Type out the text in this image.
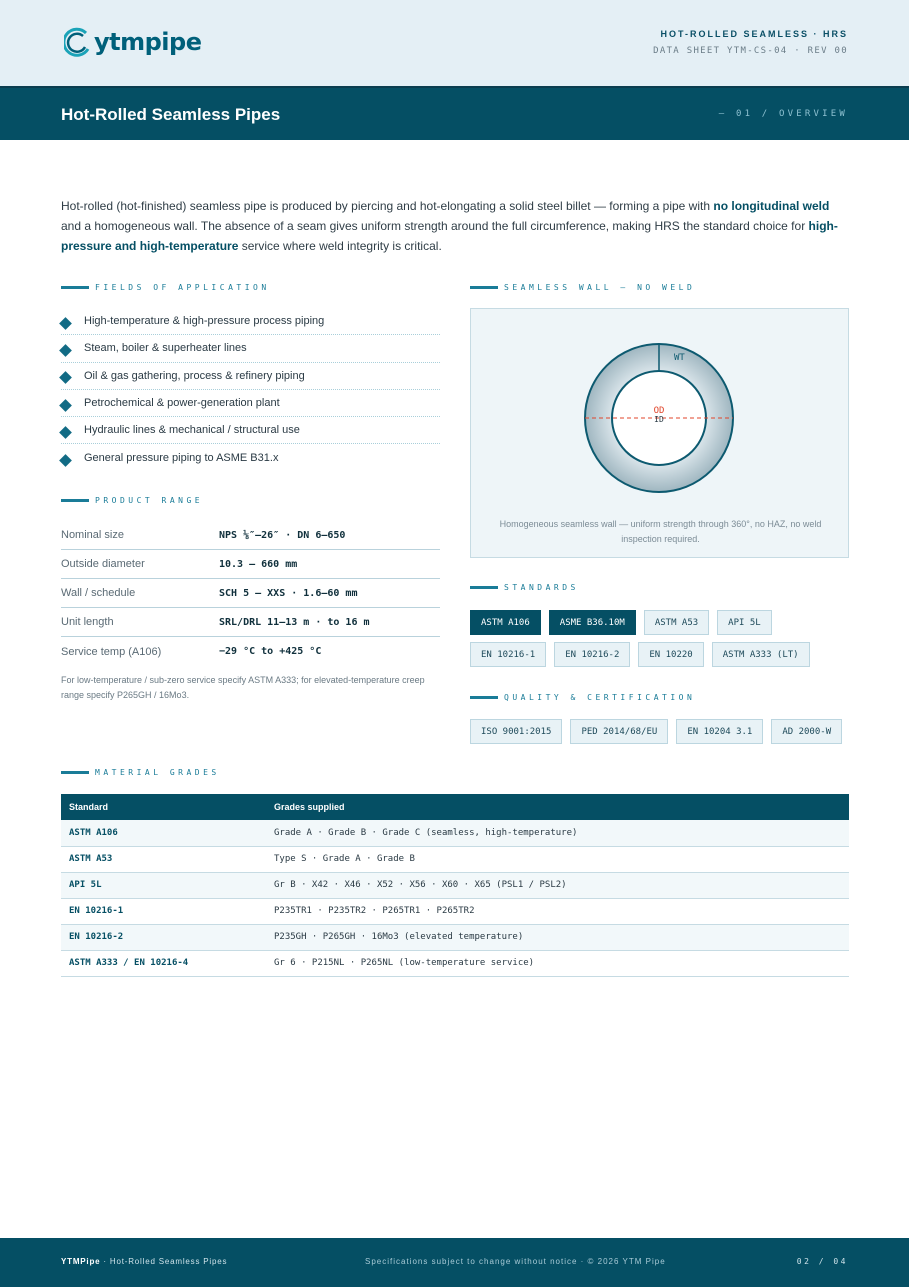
ytmpipe	HOT-ROLLED SEAMLESS · HRS
DATA SHEET YTM-CS-04 · REV 00
Hot-Rolled Seamless Pipes	— 01 / OVERVIEW

Hot-rolled (hot-finished) seamless pipe is produced by piercing and hot-elongating a solid steel billet — forming a pipe with no longitudinal weld and a homogeneous wall. The absence of a seam gives uniform strength around the full circumference, making HRS the standard choice for high-pressure and high-temperature service where weld integrity is critical.

FIELDS OF APPLICATION
High-temperature & high-pressure process piping
Steam, boiler & superheater lines
Oil & gas gathering, process & refinery piping
Petrochemical & power-generation plant
Hydraulic lines & mechanical / structural use
General pressure piping to ASME B31.x
PRODUCT RANGE
Nominal size	NPS ⅛″–26″ · DN 6–650
Outside diameter	10.3 – 660 mm
Wall / schedule	SCH 5 – XXS · 1.6–60 mm
Unit length	SRL/DRL 11–13 m · to 16 m
Service temp (A106)	−29 °C to +425 °C

For low-temperature / sub-zero service specify ASTM A333; for elevated-temperature creep range specify P265GH / 16Mo3.

SEAMLESS WALL — NO WELD
WT
OD
ID

Homogeneous seamless wall — uniform strength through 360°, no HAZ, no weld inspection required.

STANDARDS
ASTM A106	ASME B36.10M	ASTM A53	API 5L
EN 10216-1	EN 10216-2	EN 10220	ASTM A333 (LT)
QUALITY & CERTIFICATION
ISO 9001:2015	PED 2014/68/EU	EN 10204 3.1	AD 2000-W
MATERIAL GRADES
Standard	Grades supplied
ASTM A106	Grade A · Grade B · Grade C (seamless, high-temperature)
ASTM A53	Type S · Grade A · Grade B
API 5L	Gr B · X42 · X46 · X52 · X56 · X60 · X65 (PSL1 / PSL2)
EN 10216-1	P235TR1 · P235TR2 · P265TR1 · P265TR2
EN 10216-2	P235GH · P265GH · 16Mo3 (elevated temperature)
ASTM A333 / EN 10216-4	Gr 6 · P215NL · P265NL (low-temperature service)
YTMPipe · Hot-Rolled Seamless Pipes	Specifications subject to change without notice · © 2026 YTM Pipe	02 / 04
